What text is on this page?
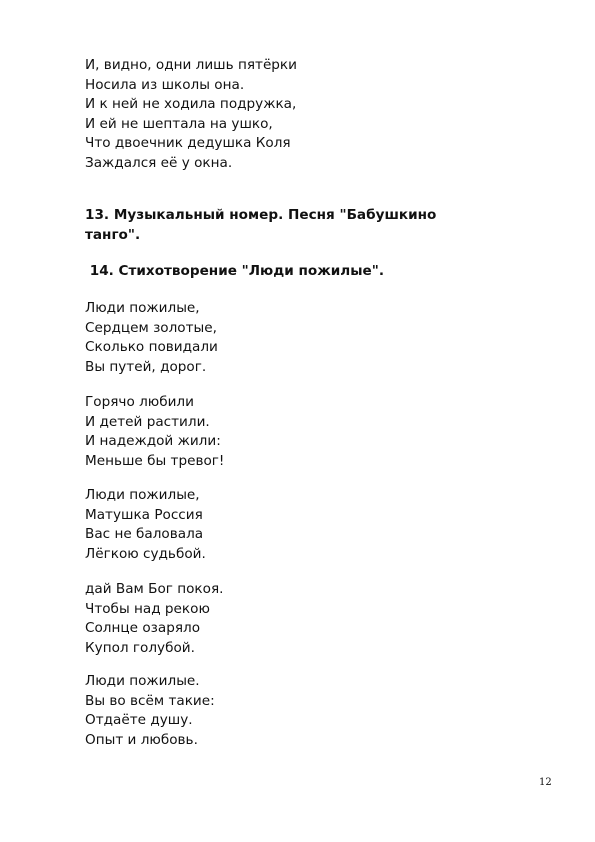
И, видно, одни лишь пятёрки
Носила из школы она.
И к ней не ходила подружка,
И ей не шептала на ушко,
Что двоечник дедушка Коля
Заждался её у окна.
13. Музыкальный номер. Песня "Бабушкино
танго".
14. Стихотворение "Люди пожилые".
Люди пожилые,
Сердцем золотые,
Сколько повидали
Вы путей, дорог.
Горячо любили
И детей растили.
И надеждой жили:
Меньше бы тревог!
Люди пожилые,
Матушка Россия
Вас не баловала
Лёгкою судьбой.
дай Вам Бог покоя.
Чтобы над рекою
Солнце озаряло
Купол голубой.
Люди пожилые.
Вы во всём такие:
Отдаёте душу.
Опыт и любовь.
12
